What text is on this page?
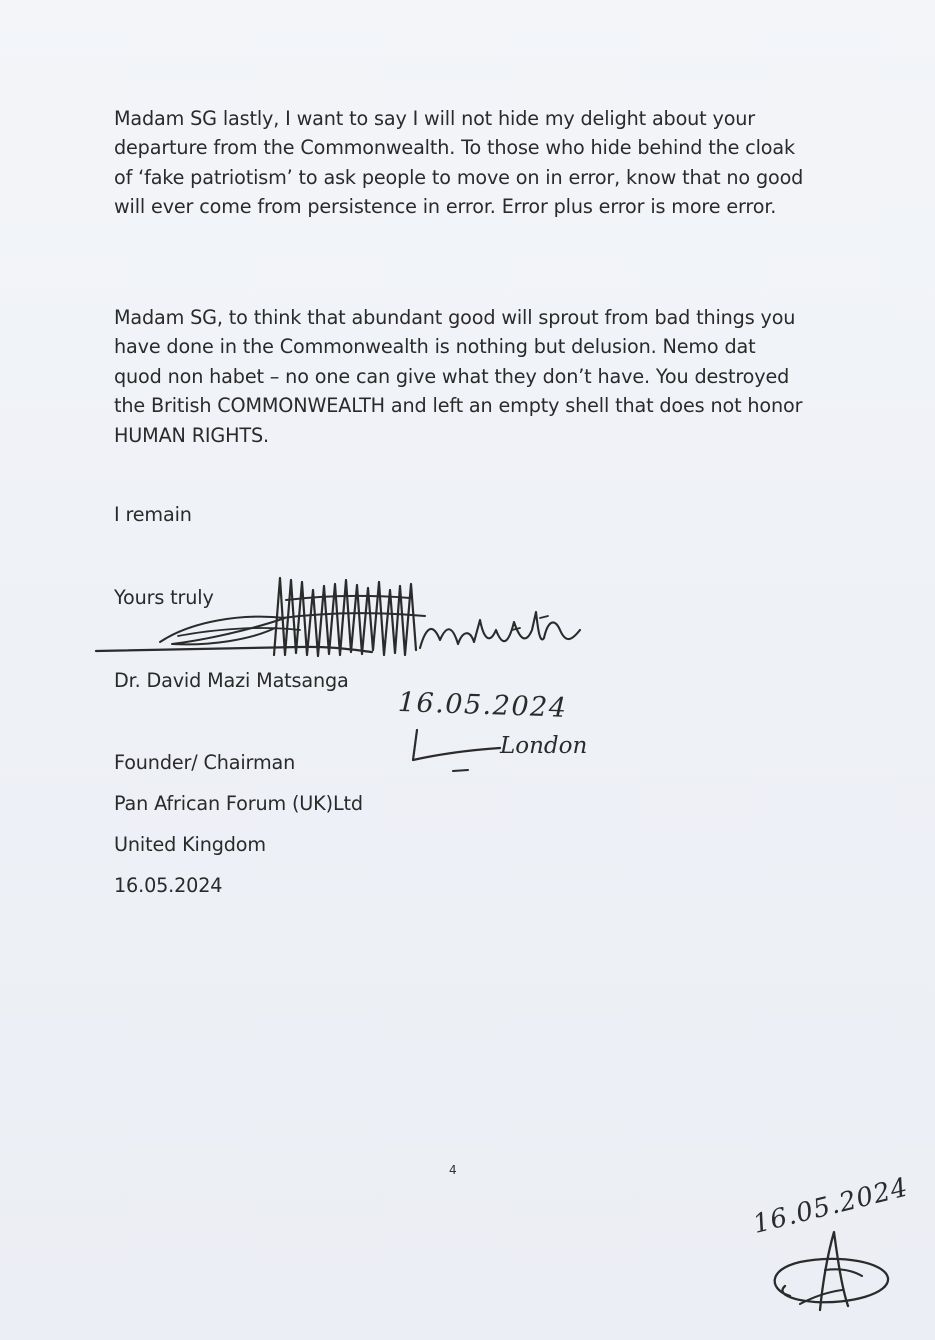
Madam SG lastly, I want to say I will not hide my delight about your departure from the Commonwealth. To those who hide behind the cloak of ‘fake patriotism’ to ask people to move on in error, know that no good will ever come from persistence in error. Error plus error is more error.

Madam SG, to think that abundant good will sprout from bad things you have done in the Commonwealth is nothing but delusion. Nemo dat quod non habet – no one can give what they don’t have. You destroyed the British COMMONWEALTH and left an empty shell that does not honor HUMAN RIGHTS.

I remain
Yours truly
Dr. David Mazi Matsanga
Founder/ Chairman
Pan African Forum (UK)Ltd
United Kingdom
16.05.2024
4
16.05.2024
London
16.05.2024
